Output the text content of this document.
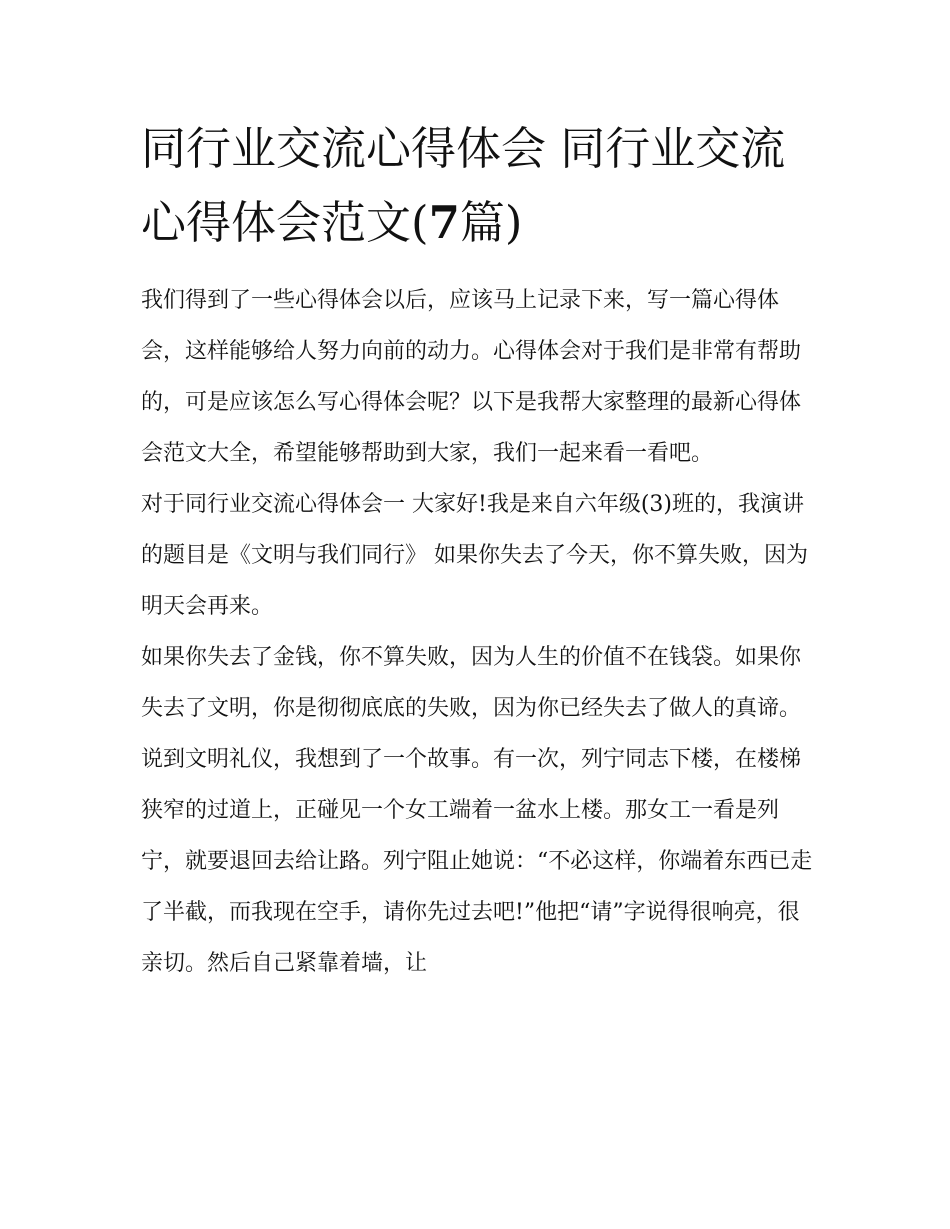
同行业交流心得体会 同行业交流心得体会范文(7篇)

我们得到了一些心得体会以后，应该马上记录下来，写一篇心得体会，这样能够给人努力向前的动力。心得体会对于我们是非常有帮助的，可是应该怎么写心得体会呢？以下是我帮大家整理的最新心得体会范文大全，希望能够帮助到大家，我们一起来看一看吧。

对于同行业交流心得体会一 大家好!我是来自六年级(3)班的，我演讲的题目是《文明与我们同行》 如果你失去了今天，你不算失败，因为明天会再来。

如果你失去了金钱，你不算失败，因为人生的价值不在钱袋。如果你失去了文明，你是彻彻底底的失败，因为你已经失去了做人的真谛。

说到文明礼仪，我想到了一个故事。有一次，列宁同志下楼，在楼梯狭窄的过道上，正碰见一个女工端着一盆水上楼。那女工一看是列宁，就要退回去给让路。列宁阻止她说：“不必这样，你端着东西已走了半截，而我现在空手，请你先过去吧!”他把“请”字说得很响亮，很亲切。然后自己紧靠着墙，让
